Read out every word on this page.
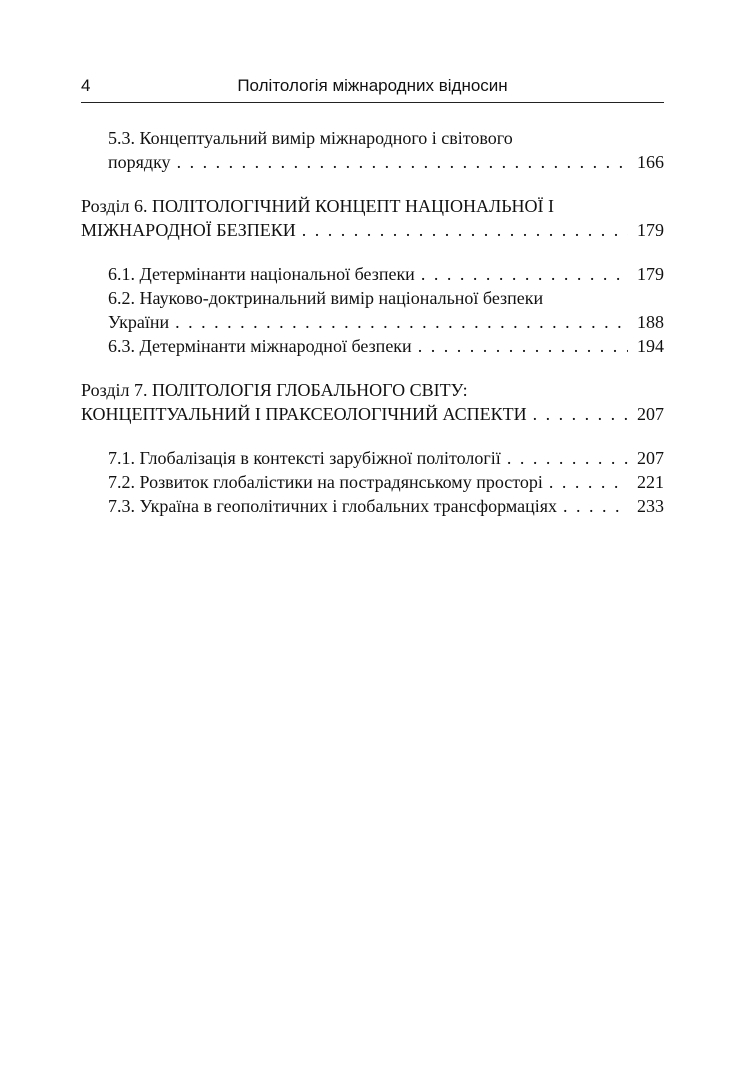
4	Політологія міжнародних відносин
5.3. Концептуальний вимір міжнародного і світового
порядку . . .	166
Розділ 6. ПОЛІТОЛОГІЧНИЙ КОНЦЕПТ НАЦІОНАЛЬНОЇ І
МІЖНАРОДНОЇ БЕЗПЕКИ . . .	179
6.1. Детермінанти національної безпеки . . .	179
6.2. Науково-доктринальний вимір національної безпеки
України . . .	188
6.3. Детермінанти міжнародної безпеки . . .	194
Розділ 7. ПОЛІТОЛОГІЯ ГЛОБАЛЬНОГО СВІТУ:
КОНЦЕПТУАЛЬНИЙ І ПРАКСЕОЛОГІЧНИЙ АСПЕКТИ . . .	207
7.1. Глобалізація в контексті зарубіжної політології . . .	207
7.2. Розвиток глобалістики на пострадянському просторі . . .	221
7.3. Україна в геополітичних і глобальних трансформаціях . . .	233
